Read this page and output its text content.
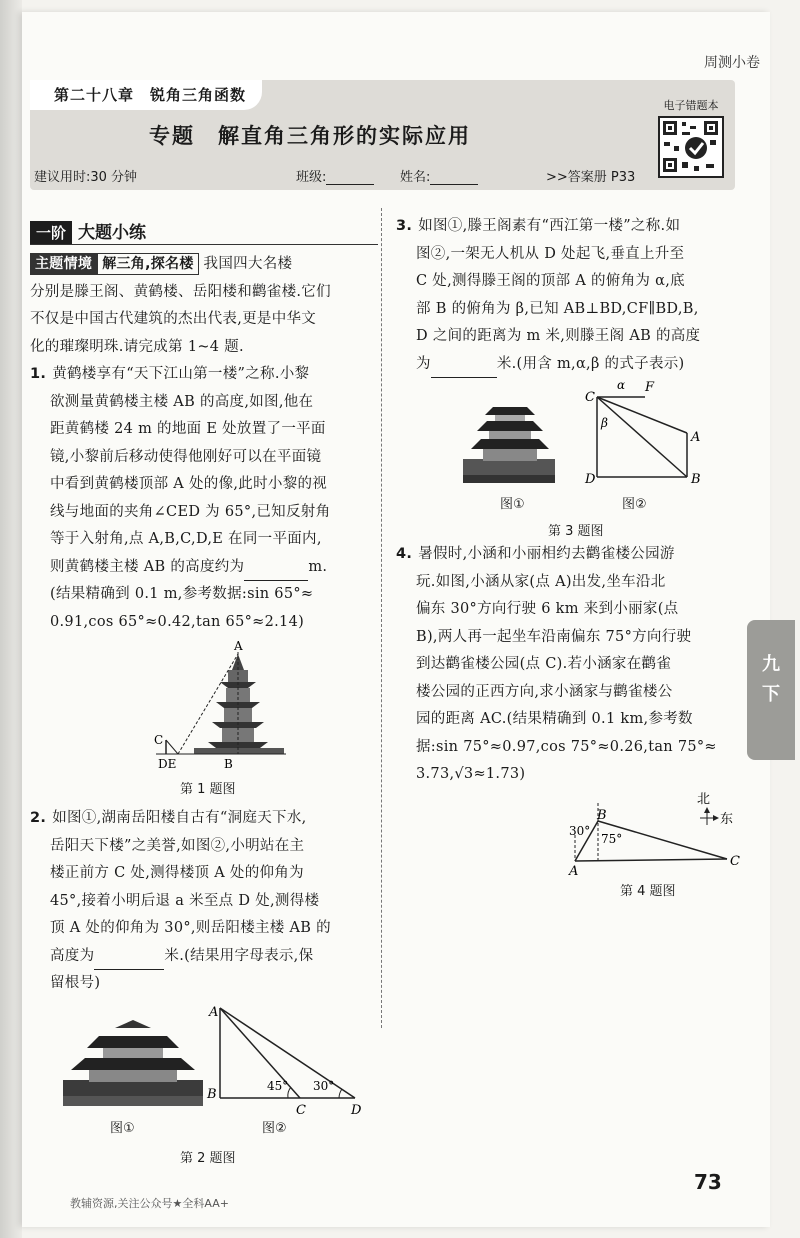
周测小卷
第二十八章　锐角三角函数
专题　解直角三角形的实际应用
电子错题本
建议用时:30 分钟	班级:	姓名:	>>答案册 P33
一阶 大题小练
主题情境 解三角,探名楼 我国四大名楼
分别是滕王阁、黄鹤楼、岳阳楼和鹳雀楼.它们
不仅是中国古代建筑的杰出代表,更是中华文
化的璀璨明珠.请完成第 1~4 题.
1. 黄鹤楼享有“天下江山第一楼”之称.小黎
欲测量黄鹤楼主楼 AB 的高度,如图,他在
距黄鹤楼 24 m 的地面 E 处放置了一平面
镜,小黎前后移动使得他刚好可以在平面镜
中看到黄鹤楼顶部 A 处的像,此时小黎的视
线与地面的夹角∠CED 为 65°,已知反射角
等于入射角,点 A,B,C,D,E 在同一平面内,
则黄鹤楼主楼 AB 的高度约为	m.
(结果精确到 0.1 m,参考数据:sin 65°≈
0.91,cos 65°≈0.42,tan 65°≈2.14)
A
C
DE	B
第 1 题图
2. 如图①,湖南岳阳楼自古有“洞庭天下水,
岳阳天下楼”之美誉,如图②,小明站在主
楼正前方 C 处,测得楼顶 A 处的仰角为
45°,接着小明后退 a 米至点 D 处,测得楼
顶 A 处的仰角为 30°,则岳阳楼主楼 AB 的
高度为	米.(结果用字母表示,保
留根号)
A
B
C	D
45° 30°
图①	图②
第 2 题图
3. 如图①,滕王阁素有“西江第一楼”之称.如
图②,一架无人机从 D 处起飞,垂直上升至
C 处,测得滕王阁的顶部 A 的俯角为 α,底
部 B 的俯角为 β,已知 AB⊥BD,CF∥BD,B,
D 之间的距离为 m 米,则滕王阁 AB 的高度
为	米.(用含 m,α,β 的式子表示)
C
F
α
β
A
D	B
图①	图②
第 3 题图
4. 暑假时,小涵和小丽相约去鹳雀楼公园游
玩.如图,小涵从家(点 A)出发,坐车沿北
偏东 30°方向行驶 6 km 来到小丽家(点
B),两人再一起坐车沿南偏东 75°方向行驶
到达鹳雀楼公园(点 C).若小涵家在鹳雀
楼公园的正西方向,求小涵家与鹳雀楼公
园的距离 AC.(结果精确到 0.1 km,参考数
据:sin 75°≈0.97,cos 75°≈0.26,tan 75°≈
3.73,√3≈1.73)
北
东
A
B
C
30°
75°
第 4 题图
九
下
73
教辅资源,关注公众号★全科AA+
